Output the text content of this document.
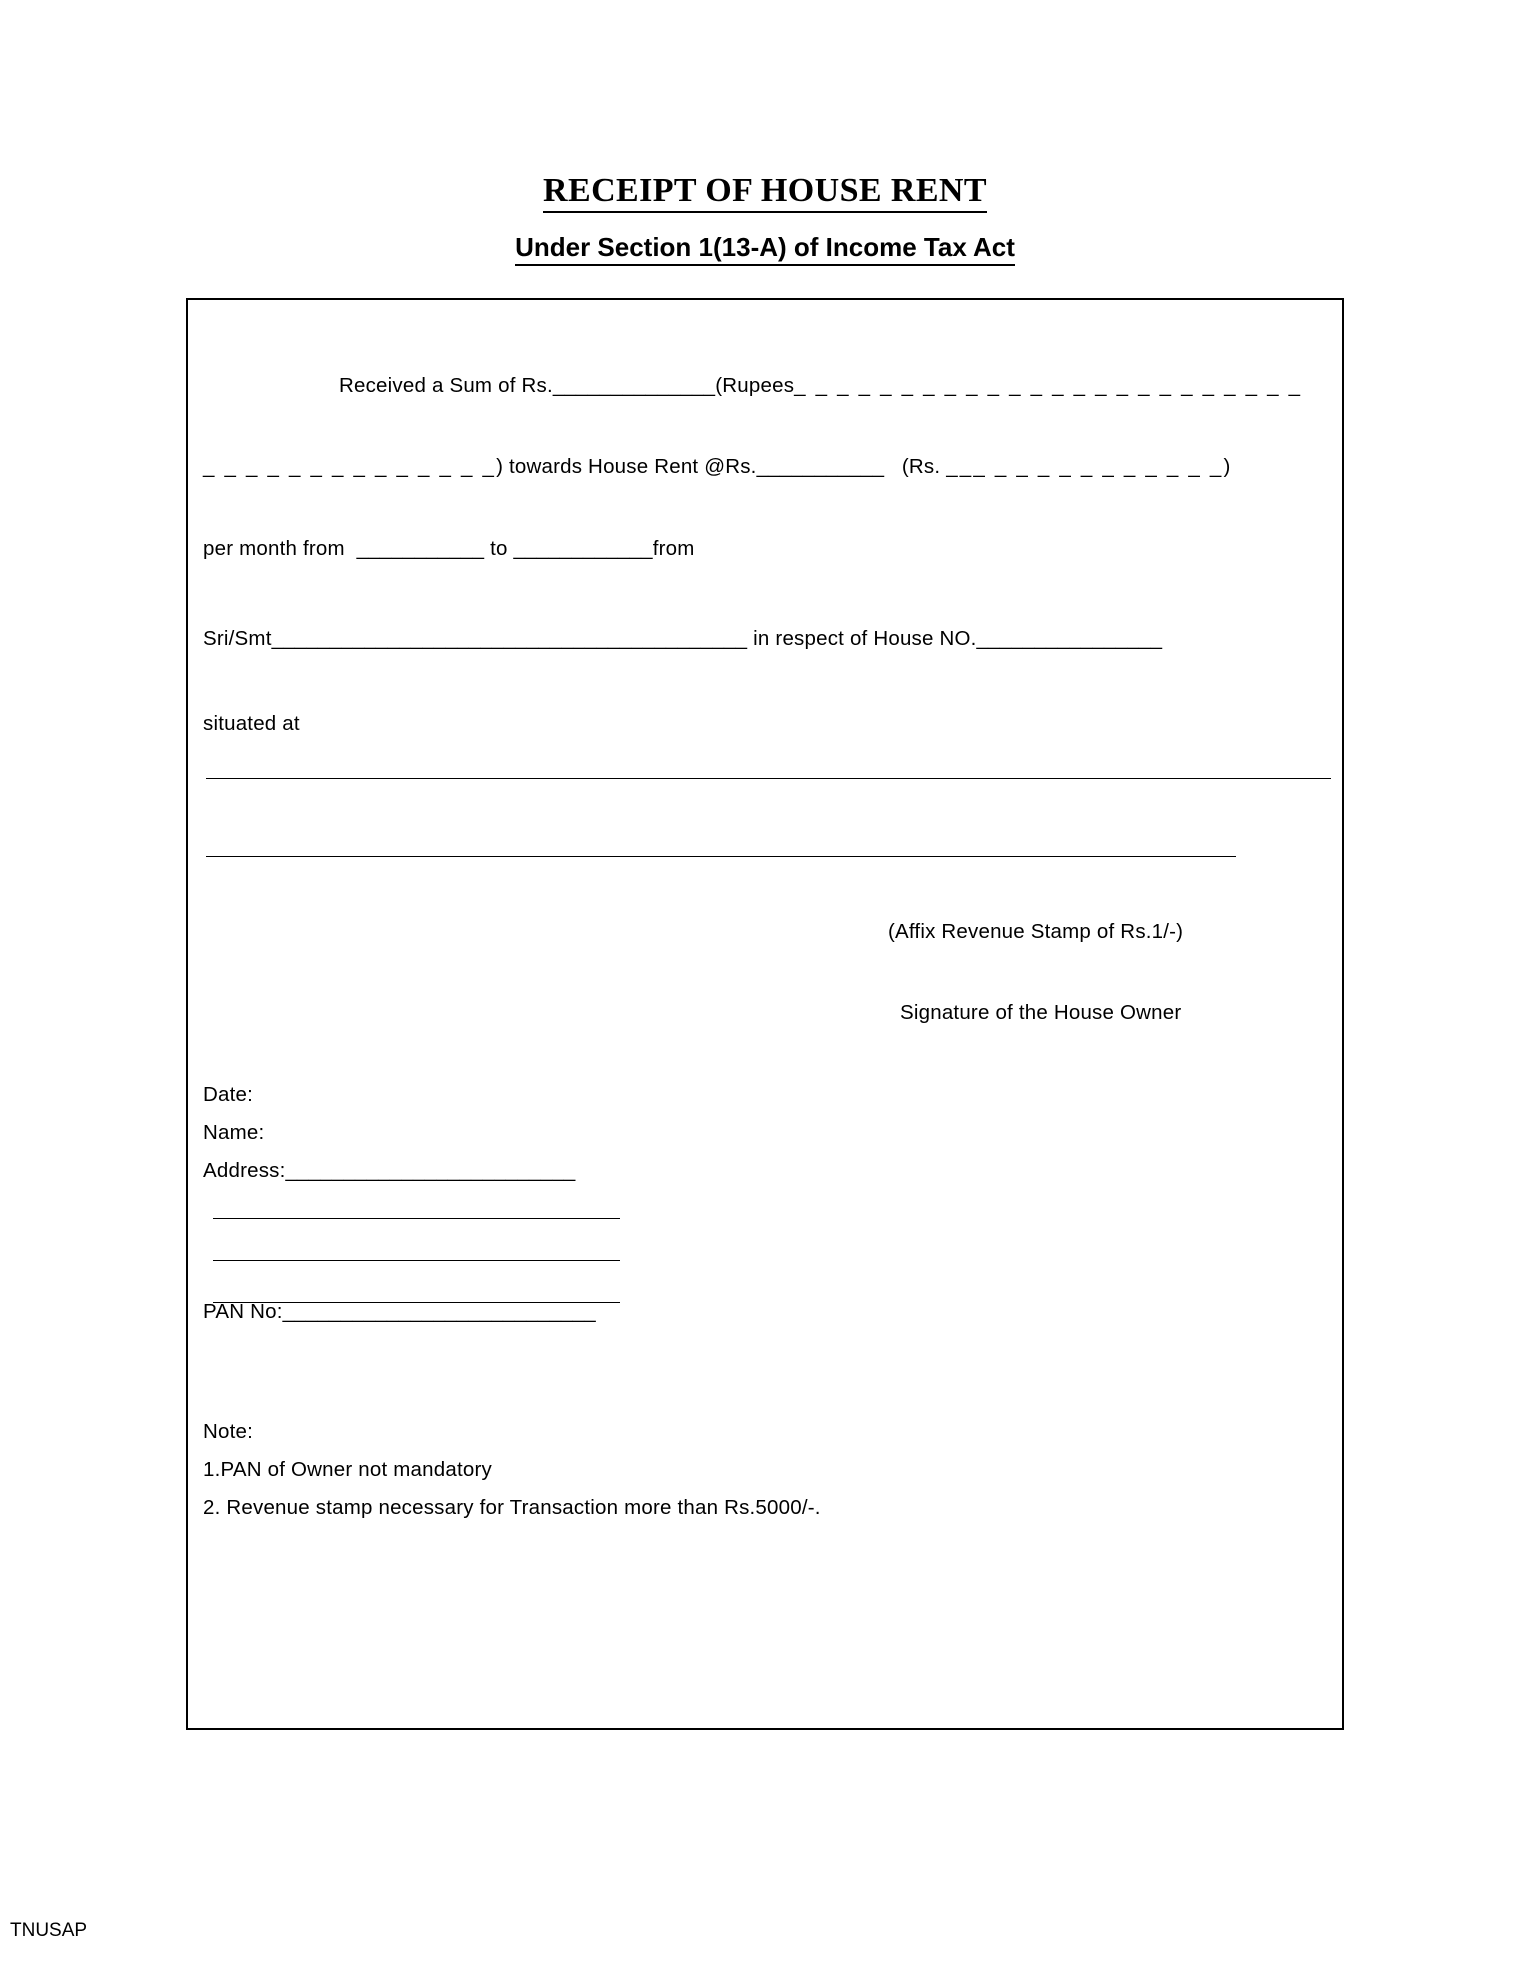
RECEIPT OF HOUSE RENT
Under Section 1(13-A) of Income Tax Act
Received a Sum of Rs.______________(Rupees_ _ _ _ _ _ _ _ _ _ _ _ _ _ _ _ _ _ _ _ _ _ _ _
_ _ _ _ _ _ _ _ _ _ _ _ _ _) towards House Rent @Rs.___________ (Rs. ___ _ _ _ _ _ _ _ _ _ _ _)
per month from ___________ to ____________from
Sri/Smt_________________________________________ in respect of House NO.________________
situated at
(Affix Revenue Stamp of Rs.1/-)
Signature of the House Owner
Date:
Name:
Address:_________________________
PAN No:___________________________
Note:
1.PAN of Owner not mandatory
2. Revenue stamp necessary for Transaction more than Rs.5000/-.
TNUSAP
